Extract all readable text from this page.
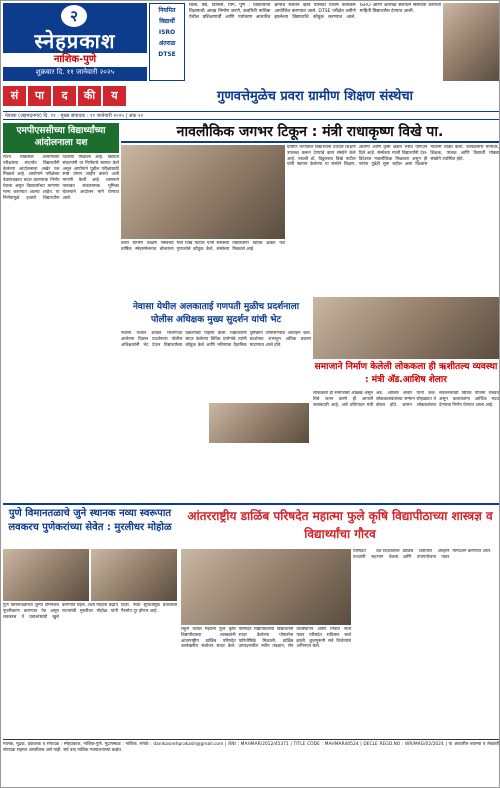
२
स्नेहप्रकाश
नाशिक-पुणे
शुक्रवार दि. ११ जानेवारी २०२५
नियमित
विद्यार्थी
ISRO
अंतराळ
DTSE
बिर्ला, वैद्य, डिफिस, यिंग, पुणे : विद्यार्थ्यांना विज्ञानाची आवड निर्माण करणे, कवयित्री नाशिक येथील प्रशिक्षणार्थी आणि पर्यावरण आधारित ज्ञानाचे संवर्धन व्हावे यासाठी विशेष कार्यक्रम आयोजित करण्यात आले. DTSE परीक्षेत उत्तीर्ण झालेल्या विद्यार्थ्यांचे कौतुक करण्यात आले. ISRO आणि अंतराळ संशोधन संस्थेच्या कार्याची माहिती विद्यार्थ्यांना देण्यात आली.
सं	पा	द	की	य	गुणवत्तेमुळेच प्रवरा ग्रामीण शिक्षण संस्थेचा
नेवासा (अहमदनगर) दि. ११ : मुख्य संपादक : ११ जानेवारी २०२५ | अंक २२
नावलौकिक जगभर टिकून : मंत्री राधाकृष्ण विखे पा.
एमपीएससीच्या विद्यार्थ्यांच्या आंदोलनाला यश
राज्य लोकसेवा आयोगाच्या परीक्षांच्या संदर्भात विद्यार्थ्यांनी केलेल्या आंदोलनाला अखेर यश मिळाले आहे. आयोगाने परीक्षेच्या वेळापत्रकात बदल करण्याचा निर्णय घेतला असून विद्यार्थ्यांच्या मागण्या मान्य करण्यात आल्या आहेत. या निर्णयामुळे हजारो विद्यार्थ्यांना दिलासा मिळाला आहे. विद्यार्थी संघटनांनी या निर्णयाचे स्वागत केले असून आयोगाने पुढील परीक्षांसाठी स्पष्ट धोरण जाहीर करावे अशी मागणी केली आहे. शासनाने याबाबत सकारात्मक भूमिका घेतल्याने आंदोलन मागे घेण्यात आले.
प्रवरा ग्रामीण शिक्षण संस्थेच्या वार्षिक स्नेहसंमेलनात बोलताना मंत्री विखे पाटील यांनी संस्थेच्या गुणवत्तेचे कौतुक केले. संस्थेच्या विद्यार्थ्यांनी विविध क्षेत्रांत यश मिळवले आहे.
ग्रामीण भागातील विद्यार्थ्यांना दर्जेदार शिक्षण उपलब्ध करून देण्याचे काम संस्थेने केले आहे. पद्मश्री डॉ. विठ्ठलराव विखे पाटील यांनी स्थापन केलेल्या या संस्थेने शिक्षण, आरोग्य आणि कृषी क्षेत्रात भरीव योगदान दिले आहे. संस्थेच्या माजी विद्यार्थ्यांनी देश-विदेशात नावलौकिक मिळवला असून ही परंपरा पुढेही सुरू राहील असा विश्वास मंत्र्यांनी व्यक्त केला. कार्यक्रमास मान्यवर, शिक्षक, पालक आणि विद्यार्थी मोठ्या संख्येने उपस्थित होते.
नेवासा येथील अलकाताई गणपती मुळीच प्रदर्शनाला पोलीस अधिक्षक मुख्य सुदर्शन यांची भेट
नेवासा येथील शाळेत भरवण्यात आलेल्या विज्ञान प्रदर्शनाला पोलीस अधिक्षकांनी भेट देऊन विद्यार्थ्यांच्या प्रकल्पांची पाहणी केली. विद्यार्थ्यांनी सादर केलेल्या विविध प्रयोगांचे त्यांनी कौतुक केले आणि भविष्यात वैज्ञानिक दृष्टिकोन जोपासण्याचे आवाहन केले. प्रदर्शनात शंभरहून अधिक प्रकल्प मांडण्यात आले होते.
समाजाने निर्माण केलेली लोककला ही ऋशीतल्य व्यवस्था : मंत्री अ‍ॅड.आशिष शेलार
लोककला ही समाजाची ओळख असून तिचे जतन करणे ही आपली जबाबदारी आहे, असे प्रतिपादन मंत्री अ‍ॅड. आशिष शेलार यांनी केले. लोककलावंतांच्या सन्मान सोहळ्यात ते बोलत होते. शासन लोककलेच्या संवर्धनासाठी विविध योजना राबवत असून कलावंतांना आर्थिक मदत देण्याचा निर्णय घेण्यात आला आहे.
पुणे विमानतळाचे जुने स्थानक नव्या स्वरूपात लवकरच पुणेकरांच्या सेवेत : मुरलीधर मोहोळ
पुणे विमानतळाच्या जुन्या टर्मिनलचे नूतनीकरण करण्यात येत असून लवकरच ते प्रवाशांसाठी खुले करण्यात येईल, अशी माहिती केंद्रीय राज्यमंत्री मुरलीधर मोहोळ यांनी दिली. नव्या सुविधांमुळे प्रवाशांची गैरसोय दूर होणार आहे.
आंतरराष्ट्रीय डाळिंब परिषदेत महात्मा फुले कृषि विद्यापीठाच्या शास्त्रज्ञ व विद्यार्थ्यांचा गौरव
राहुरी येथील महात्मा फुले कृषि विद्यापीठाच्या शास्त्रज्ञांनी आंतरराष्ट्रीय डाळिंब परिषदेत उल्लेखनीय संशोधन सादर केले. परिषदेत विद्यापीठाच्या विद्यार्थ्यांनी सादर केलेल्या पोस्टर्सना पारितोषिके मिळाली. डाळिंब उत्पादनातील नवीन तंत्रज्ञान, रोग व्यवस्थापन आणि निर्यात संधी यावर परिषदेत सविस्तर चर्चा झाली. कुलगुरूंनी सर्व विजेत्यांचे अभिनंदन केले.
परिषदेत देश-विदेशातील तज्ज्ञांनी सहभाग घेतला. डाळिंब शेतीतील आव्हाने आणि उपाययोजना यावर मार्गदर्शन करण्यात आले.
मालक, मुद्रक, प्रकाशक व संपादक : स्नेहप्रकाश, नाशिक-पुणे. मुद्रणस्थळ : नाशिक. संपर्क : danikasnehprakash@gmail.com | RNI : MAHMAR/2012/45371 | TITLE CODE : MAHMAR40524 | DECLE REGD.NO : WR/MAG/02/2024 | या अंकातील बातम्या व लेखांशी संपादक सहमत असतीलच असे नाही. सर्व वाद नाशिक न्यायालयाच्या कक्षेत.
